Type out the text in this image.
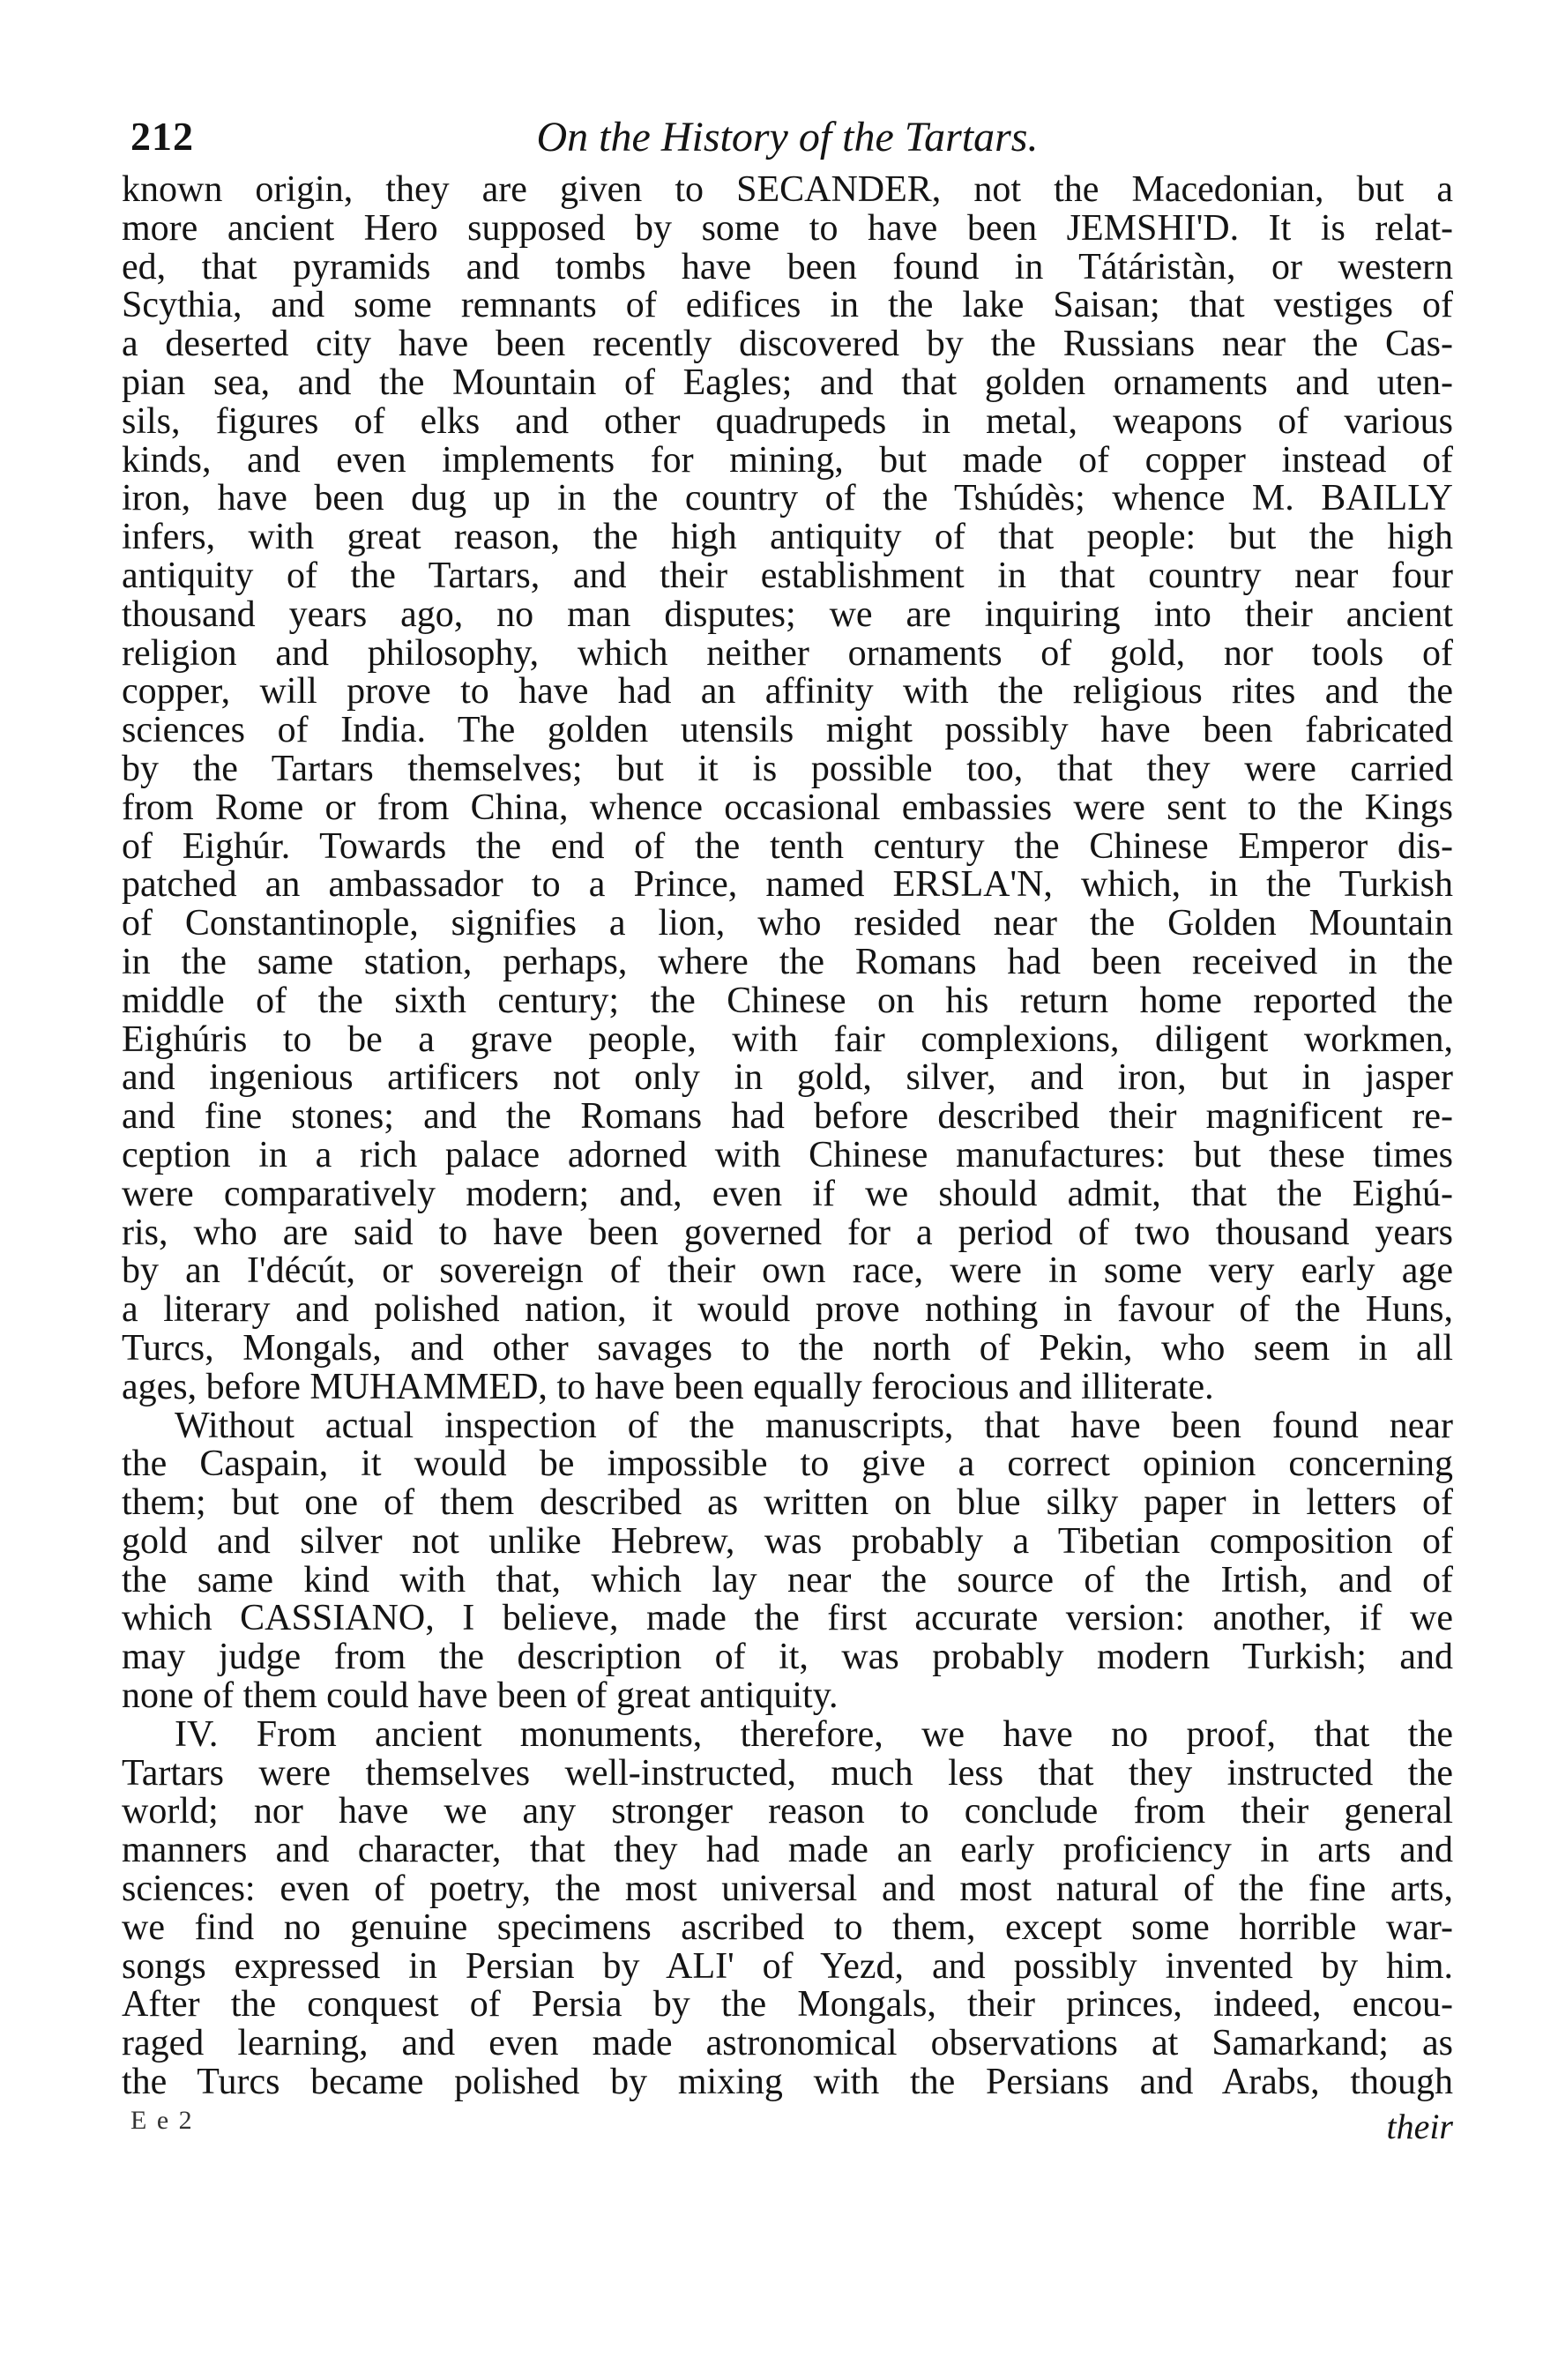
212	On the History of the Tartars.
known origin, they are given to SECANDER, not the Macedonian, but a
more ancient Hero supposed by some to have been JEMSHI'D. It is relat-
ed, that pyramids and tombs have been found in Tátáristàn, or western
Scythia, and some remnants of edifices in the lake Saisan; that vestiges of
a deserted city have been recently discovered by the Russians near the Cas-
pian sea, and the Mountain of Eagles; and that golden ornaments and uten-
sils, figures of elks and other quadrupeds in metal, weapons of various
kinds, and even implements for mining, but made of copper instead of
iron, have been dug up in the country of the Tshúdès; whence M. BAILLY
infers, with great reason, the high antiquity of that people: but the high
antiquity of the Tartars, and their establishment in that country near four
thousand years ago, no man disputes; we are inquiring into their ancient
religion and philosophy, which neither ornaments of gold, nor tools of
copper, will prove to have had an affinity with the religious rites and the
sciences of India. The golden utensils might possibly have been fabricated
by the Tartars themselves; but it is possible too, that they were carried
from Rome or from China, whence occasional embassies were sent to the Kings
of Eighúr. Towards the end of the tenth century the Chinese Emperor dis-
patched an ambassador to a Prince, named ERSLA'N, which, in the Turkish
of Constantinople, signifies a lion, who resided near the Golden Mountain
in the same station, perhaps, where the Romans had been received in the
middle of the sixth century; the Chinese on his return home reported the
Eighúris to be a grave people, with fair complexions, diligent workmen,
and ingenious artificers not only in gold, silver, and iron, but in jasper
and fine stones; and the Romans had before described their magnificent re-
ception in a rich palace adorned with Chinese manufactures: but these times
were comparatively modern; and, even if we should admit, that the Eighú-
ris, who are said to have been governed for a period of two thousand years
by an I'décút, or sovereign of their own race, were in some very early age
a literary and polished nation, it would prove nothing in favour of the Huns,
Turcs, Mongals, and other savages to the north of Pekin, who seem in all
ages, before MUHAMMED, to have been equally ferocious and illiterate.
Without actual inspection of the manuscripts, that have been found near
the Caspain, it would be impossible to give a correct opinion concerning
them; but one of them described as written on blue silky paper in letters of
gold and silver not unlike Hebrew, was probably a Tibetian composition of
the same kind with that, which lay near the source of the Irtish, and of
which CASSIANO, I believe, made the first accurate version: another, if we
may judge from the description of it, was probably modern Turkish; and
none of them could have been of great antiquity.
IV. From ancient monuments, therefore, we have no proof, that the
Tartars were themselves well-instructed, much less that they instructed the
world; nor have we any stronger reason to conclude from their general
manners and character, that they had made an early proficiency in arts and
sciences: even of poetry, the most universal and most natural of the fine arts,
we find no genuine specimens ascribed to them, except some horrible war-
songs expressed in Persian by ALI' of Yezd, and possibly invented by him.
After the conquest of Persia by the Mongals, their princes, indeed, encou-
raged learning, and even made astronomical observations at Samarkand; as
the Turcs became polished by mixing with the Persians and Arabs, though
E e 2	their
